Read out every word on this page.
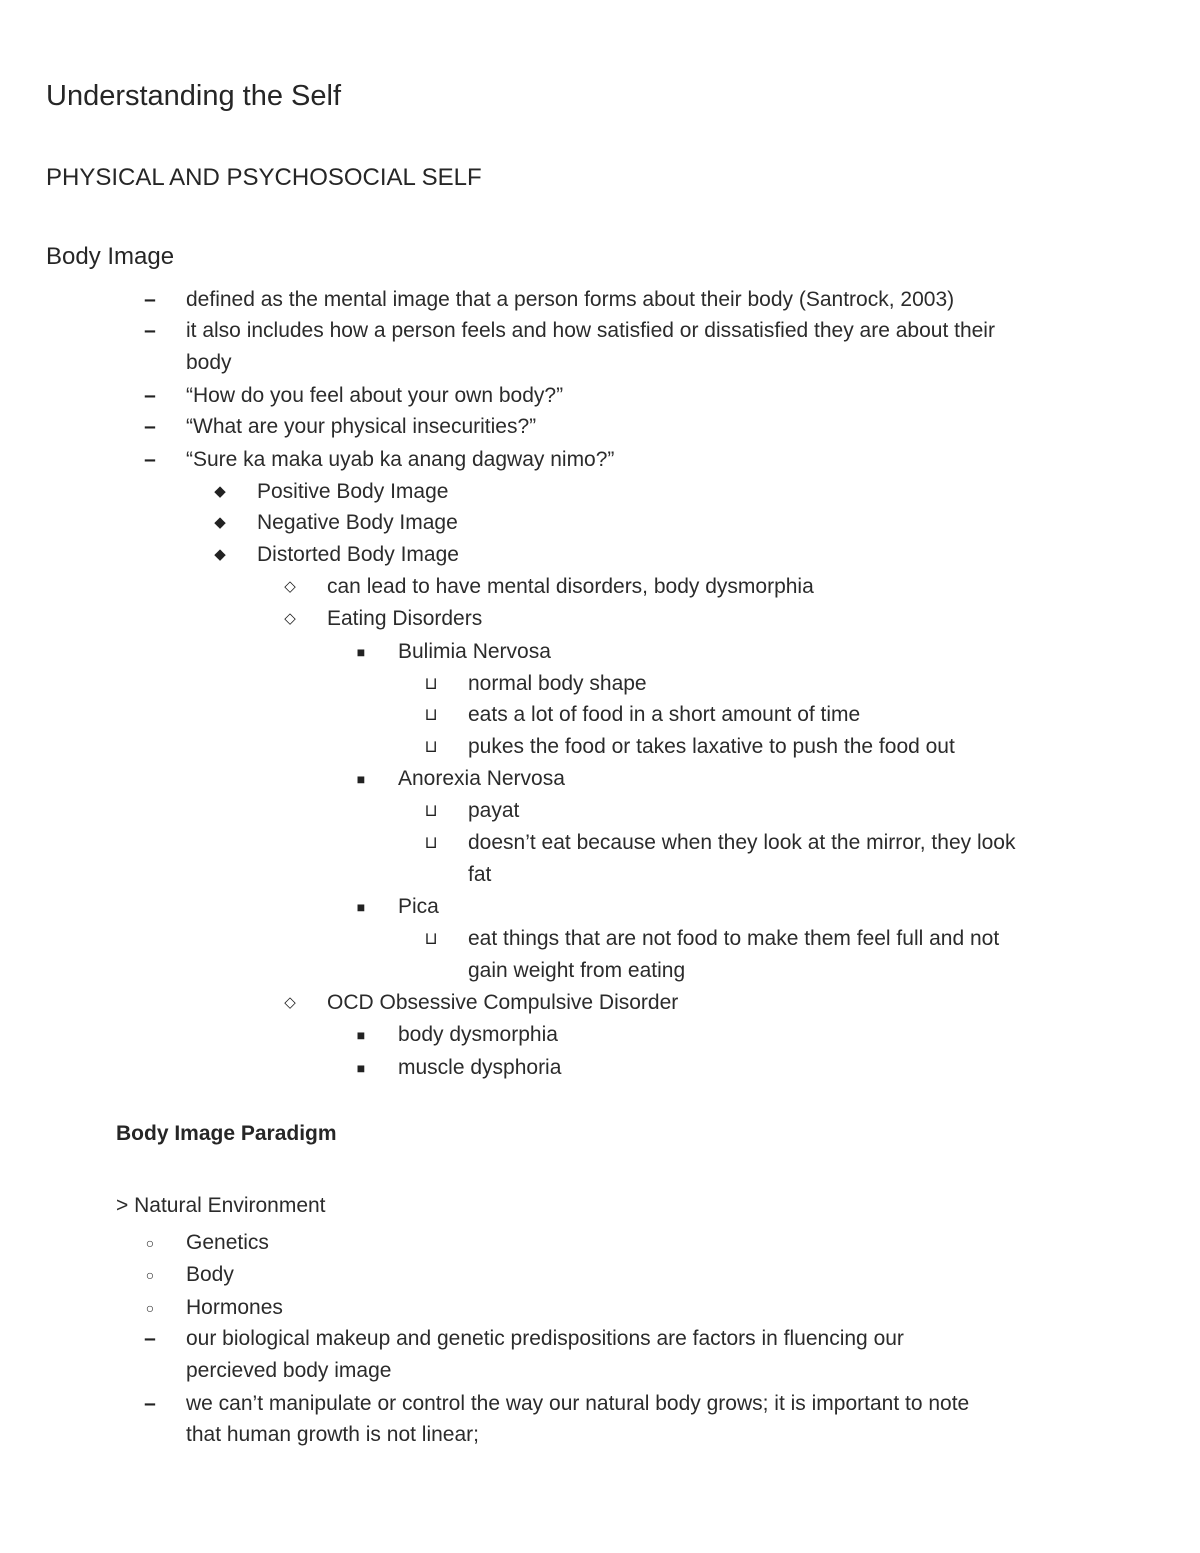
Understanding the Self
PHYSICAL AND PSYCHOSOCIAL SELF
Body Image
–	defined as the mental image that a person forms about their body (Santrock, 2003)
–	it also includes how a person feels and how satisfied or dissatisfied they are about their
body
–	“How do you feel about your own body?”
–	“What are your physical insecurities?”
–	“Sure ka maka uyab ka anang dagway nimo?”
◆	Positive Body Image
◆	Negative Body Image
◆	Distorted Body Image
◇	can lead to have mental disorders, body dysmorphia
◇	Eating Disorders
■	Bulimia Nervosa
⊔	normal body shape
⊔	eats a lot of food in a short amount of time
⊔	pukes the food or takes laxative to push the food out
■	Anorexia Nervosa
⊔	payat
⊔	doesn’t eat because when they look at the mirror, they look
fat
■	Pica
⊔	eat things that are not food to make them feel full and not
gain weight from eating
◇	OCD Obsessive Compulsive Disorder
■	body dysmorphia
■	muscle dysphoria
Body Image Paradigm
> Natural Environment
○	Genetics
○	Body
○	Hormones
–	our biological makeup and genetic predispositions are factors in fluencing our
percieved body image
–	we can’t manipulate or control the way our natural body grows; it is important to note
that human growth is not linear;
